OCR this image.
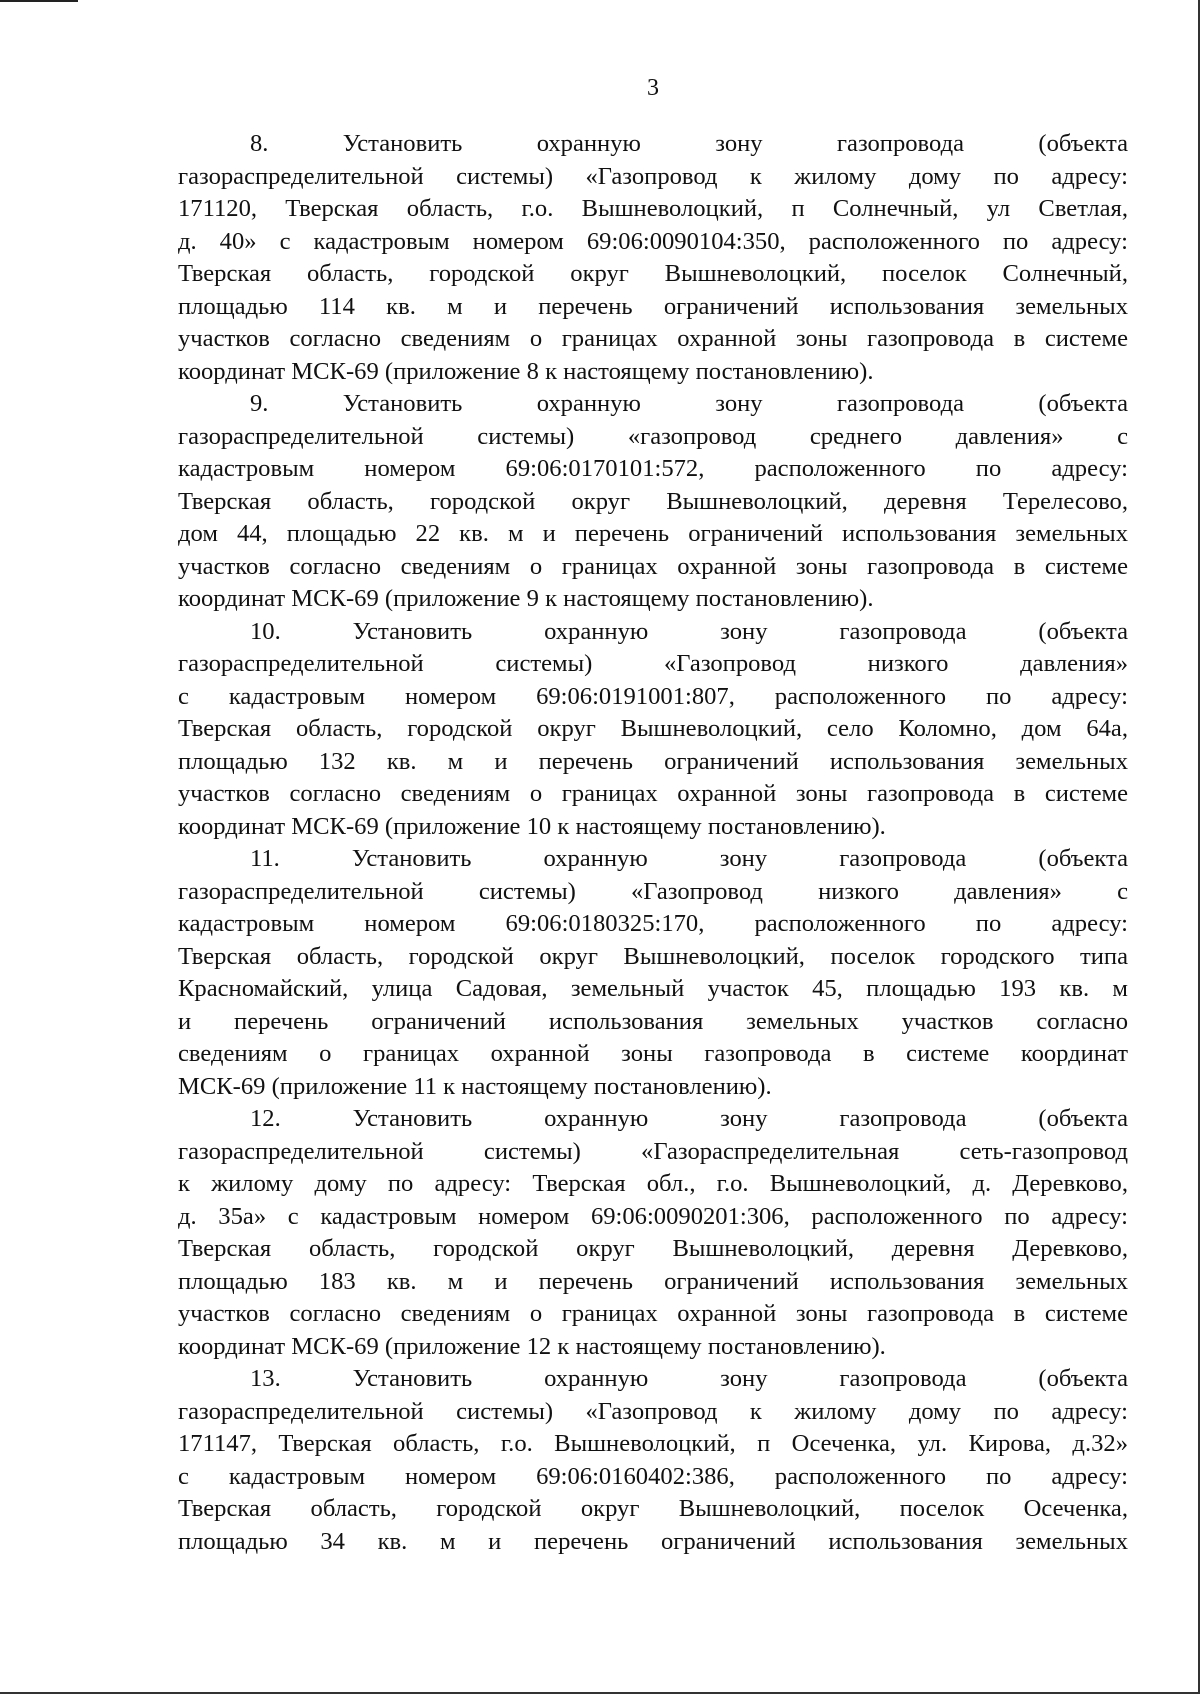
3

8. Установить охранную зону газопровода (объекта
газораспределительной системы) «Газопровод к жилому дому по адресу:
171120, Тверская область, г.о. Вышневолоцкий, п Солнечный, ул Светлая,
д. 40» с кадастровым номером 69:06:0090104:350, расположенного по адресу:
Тверская область, городской округ Вышневолоцкий, поселок Солнечный,
площадью 114 кв. м и перечень ограничений использования земельных
участков согласно сведениям о границах охранной зоны газопровода в системе
координат МСК-69 (приложение 8 к настоящему постановлению).

9. Установить охранную зону газопровода (объекта
газораспределительной системы) «газопровод среднего давления» с
кадастровым номером 69:06:0170101:572, расположенного по адресу:
Тверская область, городской округ Вышневолоцкий, деревня Терелесово,
дом 44, площадью 22 кв. м и перечень ограничений использования земельных
участков согласно сведениям о границах охранной зоны газопровода в системе
координат МСК-69 (приложение 9 к настоящему постановлению).

10. Установить охранную зону газопровода (объекта
газораспределительной системы) «Газопровод низкого давления»
с кадастровым номером 69:06:0191001:807, расположенного по адресу:
Тверская область, городской округ Вышневолоцкий, село Коломно, дом 64а,
площадью 132 кв. м и перечень ограничений использования земельных
участков согласно сведениям о границах охранной зоны газопровода в системе
координат МСК-69 (приложение 10 к настоящему постановлению).

11. Установить охранную зону газопровода (объекта
газораспределительной системы) «Газопровод низкого давления» с
кадастровым номером 69:06:0180325:170, расположенного по адресу:
Тверская область, городской округ Вышневолоцкий, поселок городского типа
Красномайский, улица Садовая, земельный участок 45, площадью 193 кв. м
и перечень ограничений использования земельных участков согласно
сведениям о границах охранной зоны газопровода в системе координат
МСК-69 (приложение 11 к настоящему постановлению).

12. Установить охранную зону газопровода (объекта
газораспределительной системы) «Газораспределительная сеть-газопровод
к жилому дому по адресу: Тверская обл., г.о. Вышневолоцкий, д. Деревково,
д. 35а» с кадастровым номером 69:06:0090201:306, расположенного по адресу:
Тверская область, городской округ Вышневолоцкий, деревня Деревково,
площадью 183 кв. м и перечень ограничений использования земельных
участков согласно сведениям о границах охранной зоны газопровода в системе
координат МСК-69 (приложение 12 к настоящему постановлению).

13. Установить охранную зону газопровода (объекта
газораспределительной системы) «Газопровод к жилому дому по адресу:
171147, Тверская область, г.о. Вышневолоцкий, п Осеченка, ул. Кирова, д.32»
с кадастровым номером 69:06:0160402:386, расположенного по адресу:
Тверская область, городской округ Вышневолоцкий, поселок Осеченка,
площадью 34 кв. м и перечень ограничений использования земельных
